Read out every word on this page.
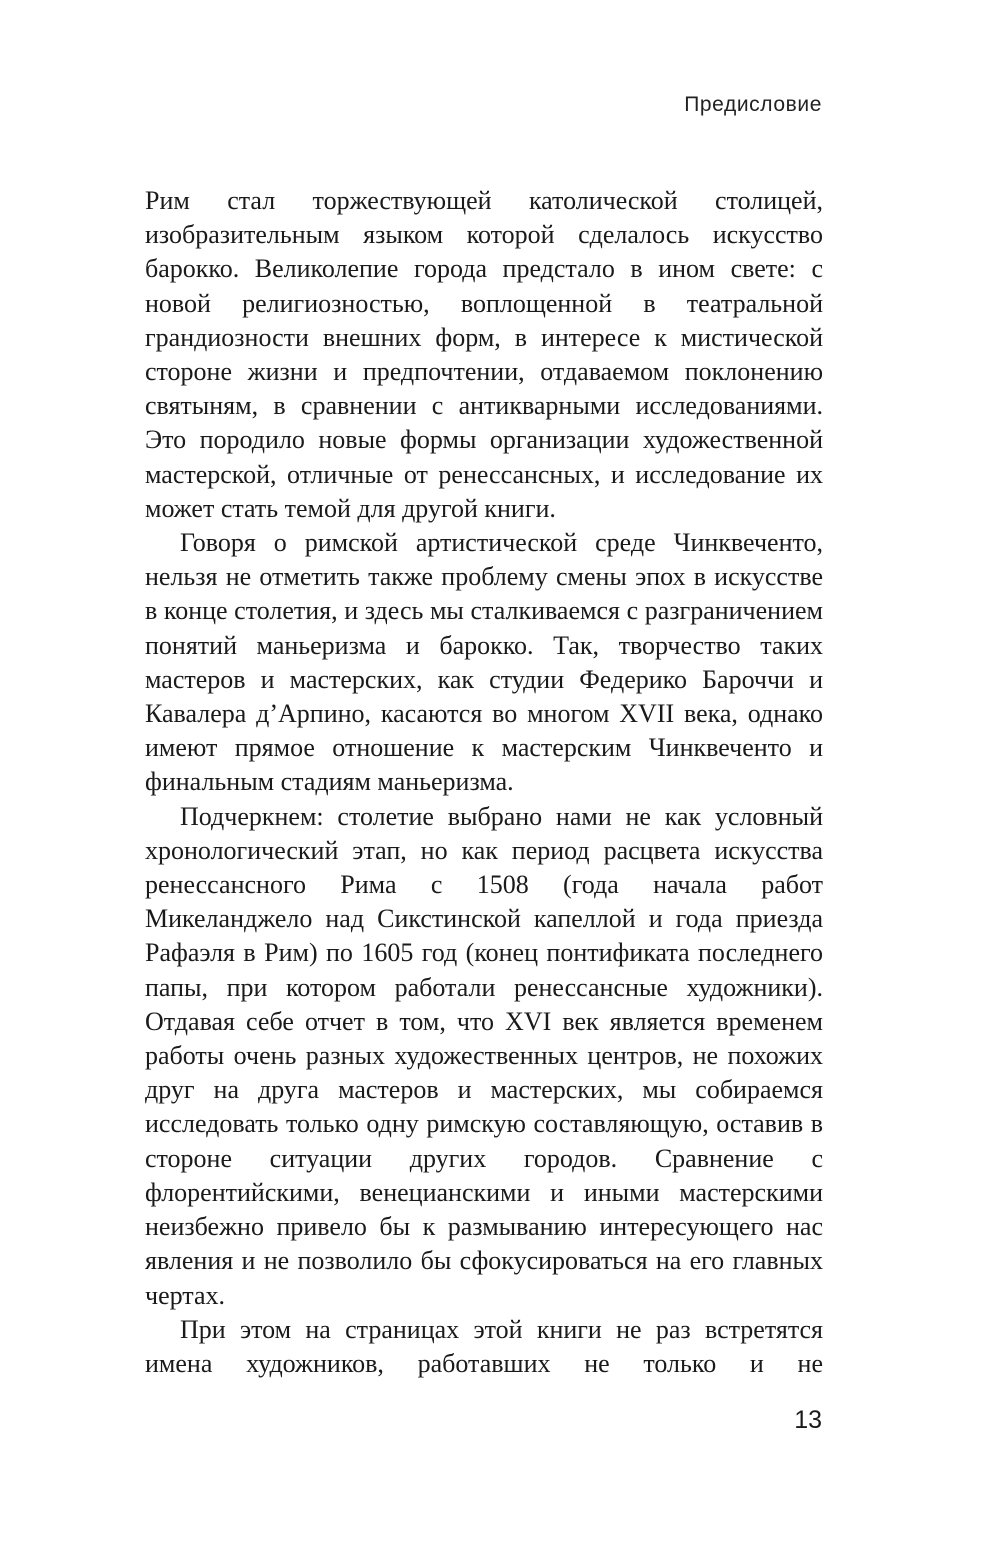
Предисловие

Рим стал торжествующей католической столицей, изобразительным языком которой сделалось искусство барокко. Великолепие города предстало в ином свете: с новой религиозностью, воплощенной в театральной грандиозности внешних форм, в интересе к мистической стороне жизни и предпочтении, отдаваемом поклонению святыням, в сравнении с антикварными исследованиями. Это породило новые формы организации художественной мастерской, отличные от ренессансных, и исследование их может стать темой для другой книги.

Говоря о римской артистической среде Чинквеченто, нельзя не отметить также проблему смены эпох в искусстве в конце столетия, и здесь мы сталкиваемся с разграничением понятий маньеризма и барокко. Так, творчество таких мастеров и мастерских, как студии Федерико Бароччи и Кавалера д’Арпино, касаются во многом XVII века, однако имеют прямое отношение к мастерским Чинквеченто и финальным стадиям маньеризма.

Подчеркнем: столетие выбрано нами не как условный хронологический этап, но как период расцвета искусства ренессансного Рима с 1508 (года начала работ Микеланджело над Сикстинской капеллой и года приезда Рафаэля в Рим) по 1605 год (конец понтификата последнего папы, при котором работали ренессансные художники). Отдавая себе отчет в том, что XVI век является временем работы очень разных художественных центров, не похожих друг на друга мастеров и мастерских, мы собираемся исследовать только одну римскую составляющую, оставив в стороне ситуации других городов. Сравнение с флорентийскими, венецианскими и иными мастерскими неизбежно привело бы к размыванию интересующего нас явления и не позволило бы сфокусироваться на его главных чертах.

При этом на страницах этой книги не раз встретятся имена художников, работавших не только и не

13
